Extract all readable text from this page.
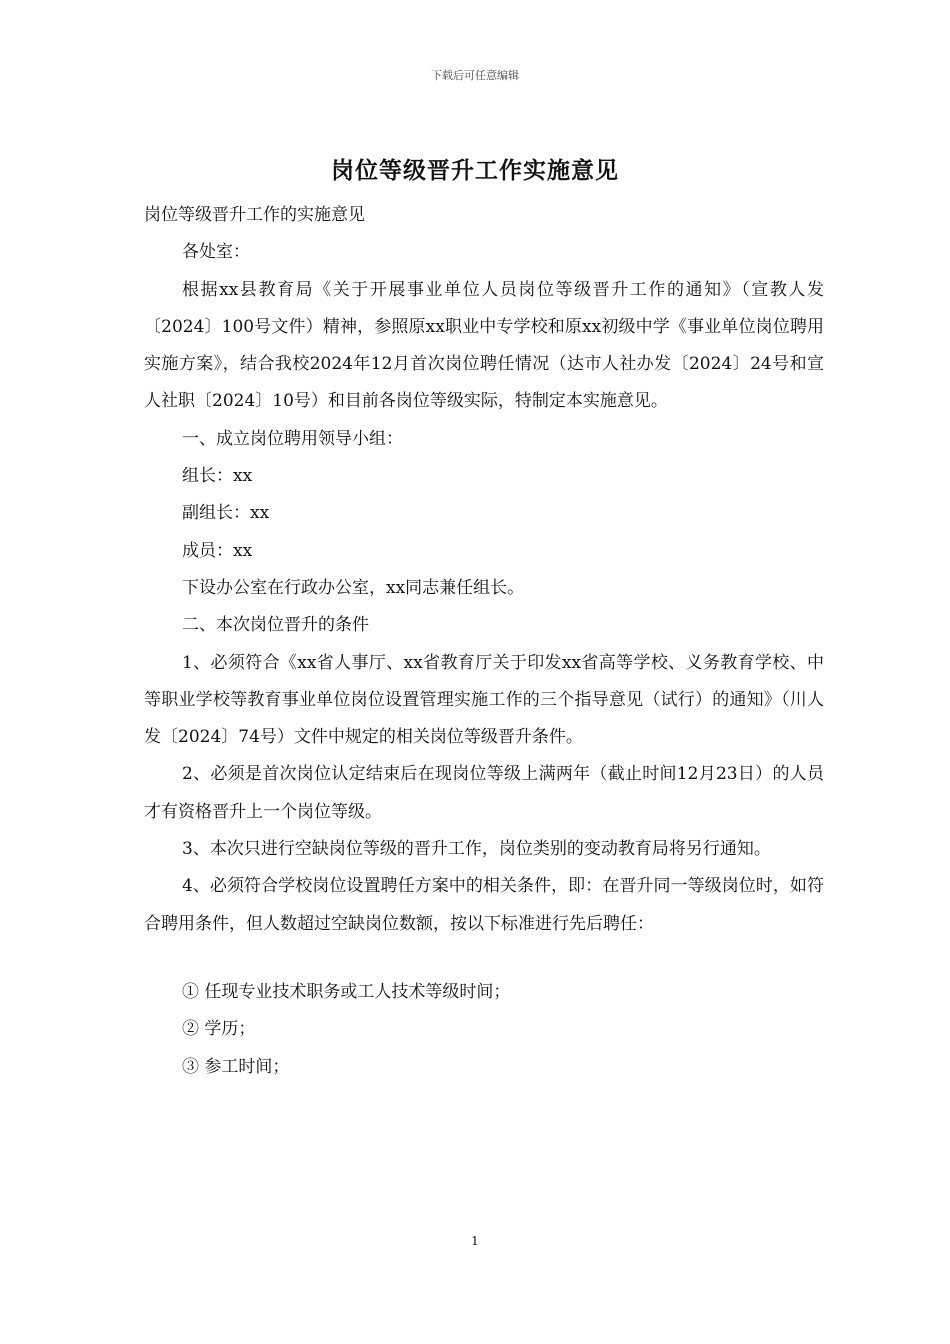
下载后可任意编辑
岗位等级晋升工作实施意见

岗位等级晋升工作的实施意见

各处室：

根据xx县教育局《关于开展事业单位人员岗位等级晋升工作的通知》（宣教人发〔2024〕100号文件）精神，参照原xx职业中专学校和原xx初级中学《事业单位岗位聘用实施方案》，结合我校2024年12月首次岗位聘任情况（达市人社办发〔2024〕24号和宣人社职〔2024〕10号）和目前各岗位等级实际，特制定本实施意见。

一、成立岗位聘用领导小组：

组长：xx

副组长：xx

成员：xx

下设办公室在行政办公室，xx同志兼任组长。

二、本次岗位晋升的条件

1、必须符合《xx省人事厅、xx省教育厅关于印发xx省高等学校、义务教育学校、中等职业学校等教育事业单位岗位设置管理实施工作的三个指导意见（试行）的通知》（川人发〔2024〕74号）文件中规定的相关岗位等级晋升条件。

2、必须是首次岗位认定结束后在现岗位等级上满两年（截止时间12月23日）的人员才有资格晋升上一个岗位等级。

3、本次只进行空缺岗位等级的晋升工作，岗位类别的变动教育局将另行通知。

4、必须符合学校岗位设置聘任方案中的相关条件，即：在晋升同一等级岗位时，如符合聘用条件，但人数超过空缺岗位数额，按以下标准进行先后聘任：

① 任现专业技术职务或工人技术等级时间；

② 学历；

③ 参工时间；

1
